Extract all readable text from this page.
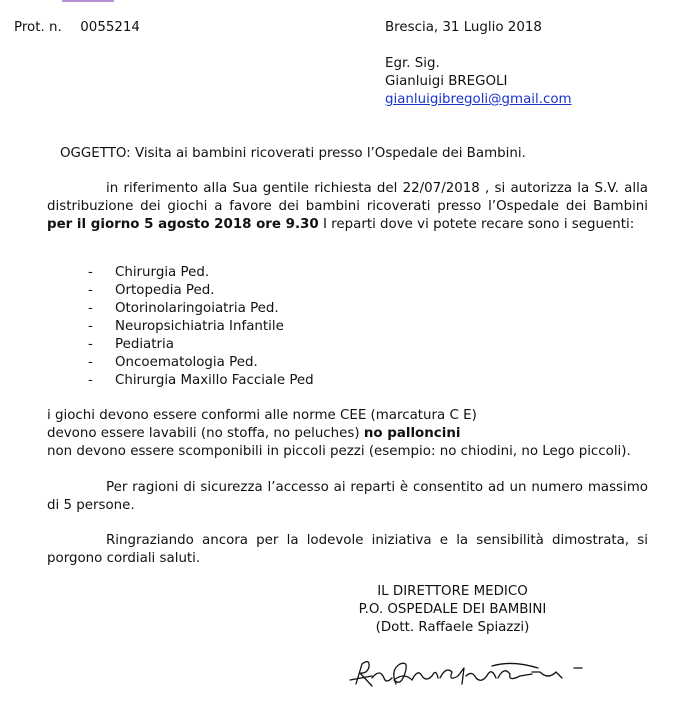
Prot. n. 0055214	Brescia, 31 Luglio 2018
Egr. Sig.
Gianluigi BREGOLI
gianluigibregoli@gmail.com
OGGETTO: Visita ai bambini ricoverati presso l’Ospedale dei Bambini.
in riferimento alla Sua gentile richiesta del 22/07/2018 , si autorizza la S.V. alla distribuzione dei giochi a favore dei bambini ricoverati presso l’Ospedale dei Bambini per il giorno 5 agosto 2018 ore 9.30 I reparti dove vi potete recare sono i seguenti:
- Chirurgia Ped.
- Ortopedia Ped.
- Otorinolaringoiatria Ped.
- Neuropsichiatria Infantile
- Pediatria
- Oncoematologia Ped.
- Chirurgia Maxillo Facciale Ped
i giochi devono essere conformi alle norme CEE (marcatura C E)
devono essere lavabili (no stoffa, no peluches) no palloncini
non devono essere scomponibili in piccoli pezzi (esempio: no chiodini, no Lego piccoli).
Per ragioni di sicurezza l’accesso ai reparti è consentito ad un numero massimo di 5 persone.
Ringraziando ancora per la lodevole iniziativa e la sensibilità dimostrata, si porgono cordiali saluti.
IL DIRETTORE MEDICO
P.O. OSPEDALE DEI BAMBINI
(Dott. Raffaele Spiazzi)
